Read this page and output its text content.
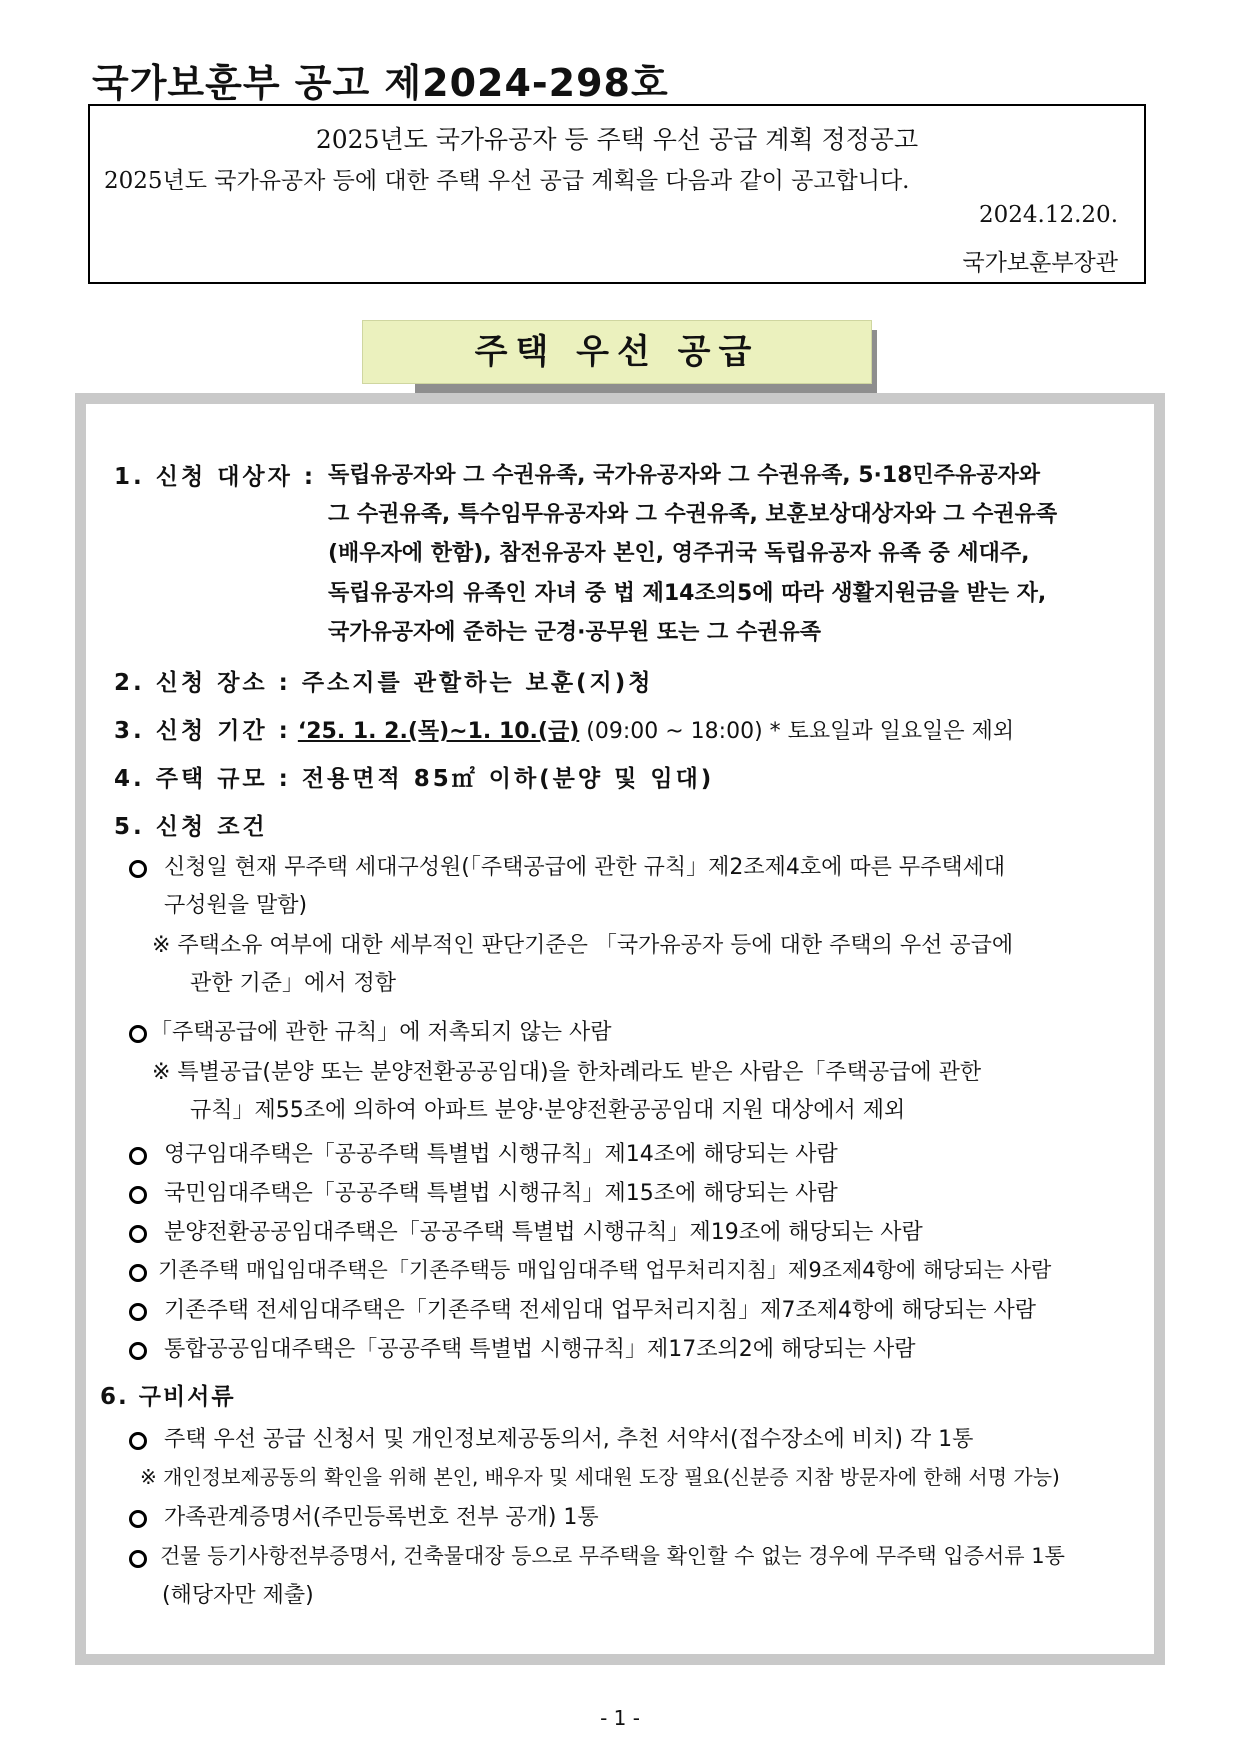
국가보훈부 공고 제2024-298호
2025년도 국가유공자 등 주택 우선 공급 계획 정정공고
2025년도 국가유공자 등에 대한 주택 우선 공급 계획을 다음과 같이 공고합니다.
2024.12.20.
국가보훈부장관
주택 우선 공급
1. 신청 대상자 : 독립유공자와 그 수권유족, 국가유공자와 그 수권유족, 5·18민주유공자와
그 수권유족, 특수임무유공자와 그 수권유족, 보훈보상대상자와 그 수권유족
(배우자에 한함), 참전유공자 본인, 영주귀국 독립유공자 유족 중 세대주,
독립유공자의 유족인 자녀 중 법 제14조의5에 따라 생활지원금을 받는 자,
국가유공자에 준하는 군경·공무원 또는 그 수권유족
2. 신청 장소 : 주소지를 관할하는 보훈(지)청
3. 신청 기간 : ‘25. 1. 2.(목)~1. 10.(금) (09:00 ~ 18:00) * 토요일과 일요일은 제외
4. 주택 규모 : 전용면적 85㎡ 이하(분양 및 임대)
5. 신청 조건
신청일 현재 무주택 세대구성원(「주택공급에 관한 규칙」제2조제4호에 따른 무주택세대
구성원을 말함)
※ 주택소유 여부에 대한 세부적인 판단기준은 「국가유공자 등에 대한 주택의 우선 공급에
관한 기준」에서 정함
「주택공급에 관한 규칙」에 저촉되지 않는 사람
※ 특별공급(분양 또는 분양전환공공임대)을 한차례라도 받은 사람은「주택공급에 관한
규칙」제55조에 의하여 아파트 분양·분양전환공공임대 지원 대상에서 제외
영구임대주택은「공공주택 특별법 시행규칙」제14조에 해당되는 사람
국민임대주택은「공공주택 특별법 시행규칙」제15조에 해당되는 사람
분양전환공공임대주택은「공공주택 특별법 시행규칙」제19조에 해당되는 사람
기존주택 매입임대주택은「기존주택등 매입임대주택 업무처리지침」제9조제4항에 해당되는 사람
기존주택 전세임대주택은「기존주택 전세임대 업무처리지침」제7조제4항에 해당되는 사람
통합공공임대주택은「공공주택 특별법 시행규칙」제17조의2에 해당되는 사람
6. 구비서류
주택 우선 공급 신청서 및 개인정보제공동의서, 추천 서약서(접수장소에 비치) 각 1통
※ 개인정보제공동의 확인을 위해 본인, 배우자 및 세대원 도장 필요(신분증 지참 방문자에 한해 서명 가능)
가족관계증명서(주민등록번호 전부 공개) 1통
건물 등기사항전부증명서, 건축물대장 등으로 무주택을 확인할 수 없는 경우에 무주택 입증서류 1통
(해당자만 제출)
- 1 -
